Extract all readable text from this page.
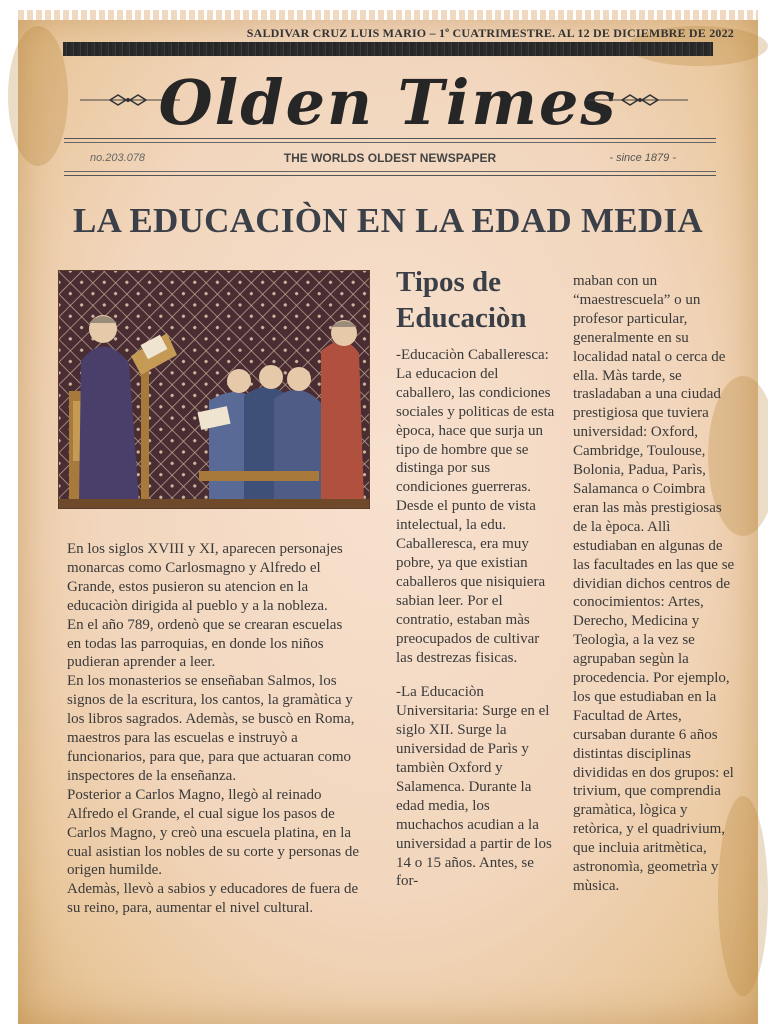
SALDIVAR CRUZ LUIS MARIO – 1º CUATRIMESTRE. AL 12 DE DICIEMBRE DE 2022
Olden Times
no.203.078	THE WORLDS OLDEST NEWSPAPER	- since 1879 -
LA EDUCACIÒN EN LA EDAD MEDIA
Tipos de Educaciòn

En los siglos XVIII y XI, aparecen personajes monarcas como Carlosmagno y Alfredo el Grande, estos pusieron su atencion en la educaciòn dirigida al pueblo y a la nobleza.

En el año 789, ordenò que se crearan escuelas en todas las parroquias, en donde los niños pudieran aprender a leer.

En los monasterios se enseñaban Salmos, los signos de la escritura, los cantos, la gramàtica y los libros sagrados. Ademàs, se buscò en Roma, maestros para las escuelas e instruyò a funcionarios, para que, para que actuaran como inspectores de la enseñanza.

Posterior a Carlos Magno, llegò al reinado Alfredo el Grande, el cual sigue los pasos de Carlos Magno, y creò una escuela platina, en la cual asistian los nobles de su corte y personas de origen humilde.

Ademàs, llevò a sabios y educadores de fuera de su reino, para, aumentar el nivel cultural.

-Educaciòn Caballeresca: La educacion del caballero, las condiciones sociales y politicas de esta època, hace que surja un tipo de hombre que se distinga por sus condiciones guerreras. Desde el punto de vista intelectual, la edu. Caballeresca, era muy pobre, ya que existian caballeros que nisiquiera sabian leer. Por el contratio, estaban màs preocupados de cultivar las destrezas fisicas.

-La Educaciòn Universitaria: Surge en el siglo XII. Surge la universidad de Parìs y tambièn Oxford y Salamenca. Durante la edad media, los muchachos acudian a la universidad a partir de los 14 o 15 años. Antes, se for-

maban con un “maestrescuela” o un profesor particular, generalmente en su localidad natal o cerca de ella. Màs tarde, se trasladaban a una ciudad prestigiosa que tuviera universidad: Oxford, Cambridge, Toulouse, Bolonia, Padua, Parìs, Salamanca o Coimbra eran las màs prestigiosas de la època. Allì estudiaban en algunas de las facultades en las que se dividian dichos centros de conocimientos: Artes, Derecho, Medicina y Teologìa, a la vez se agrupaban segùn la procedencia. Por ejemplo, los que estudiaban en la Facultad de Artes, cursaban durante 6 años distintas disciplinas divididas en dos grupos: el trivium, que comprendia gramàtica, lògica y retòrica, y el quadrivium, que incluia aritmètica, astronomìa, geometrìa y mùsica.
